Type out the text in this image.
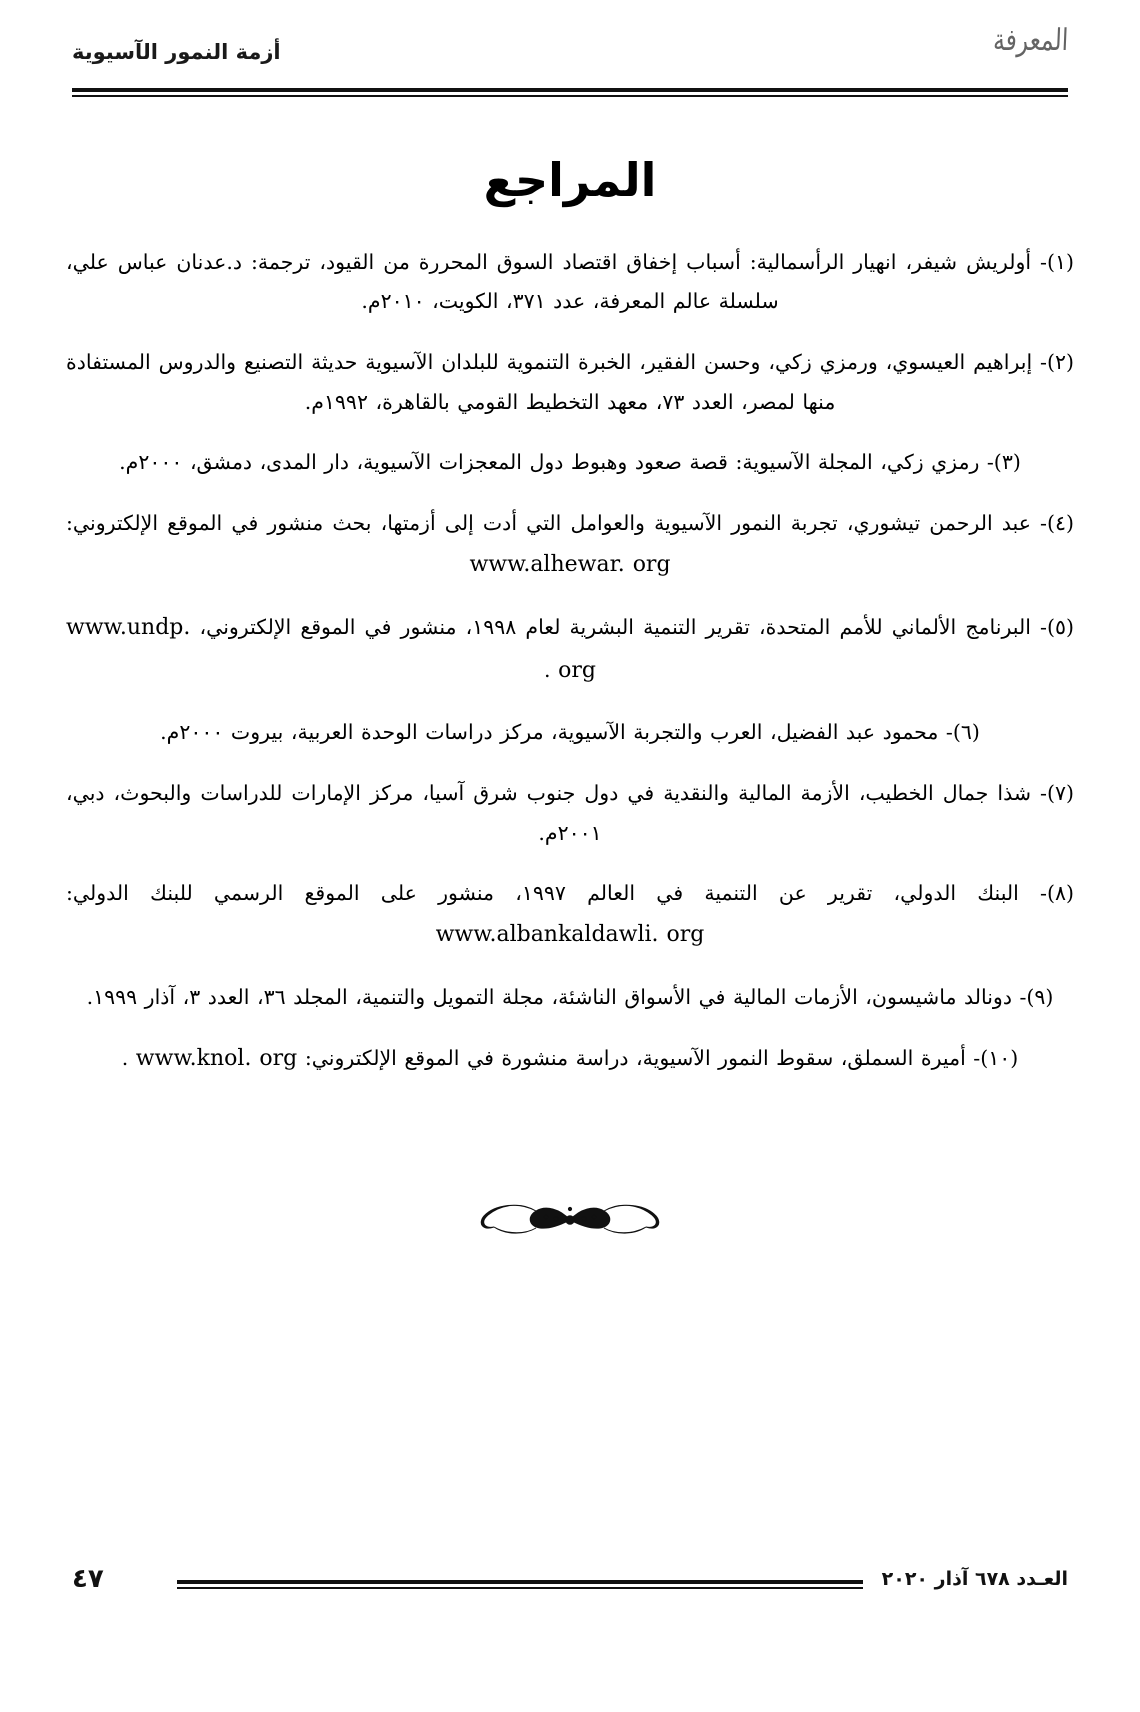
أزمة النمور الآسيوية	المعرفة
المراجع

(١)- أولريش شيفر، انهيار الرأسمالية: أسباب إخفاق اقتصاد السوق المحررة من القيود، ترجمة: د.عدنان عباس علي، سلسلة عالم المعرفة، عدد ٣٧١، الكويت، ٢٠١٠م.

(٢)- إبراهيم العيسوي، ورمزي زكي، وحسن الفقير، الخبرة التنموية للبلدان الآسيوية حديثة التصنيع والدروس المستفادة منها لمصر، العدد ٧٣، معهد التخطيط القومي بالقاهرة، ١٩٩٢م.

(٣)- رمزي زكي، المجلة الآسيوية: قصة صعود وهبوط دول المعجزات الآسيوية، دار المدى، دمشق، ٢٠٠٠م.

(٤)- عبد الرحمن تيشوري، تجربة النمور الآسيوية والعوامل التي أدت إلى أزمتها، بحث منشور في الموقع الإلكتروني: www.alhewar. org

(٥)- البرنامج الألماني للأمم المتحدة، تقرير التنمية البشرية لعام ١٩٩٨، منشور في الموقع الإلكتروني، www.undp. org .

(٦)- محمود عبد الفضيل، العرب والتجربة الآسيوية، مركز دراسات الوحدة العربية، بيروت ٢٠٠٠م.

(٧)- شذا جمال الخطيب، الأزمة المالية والنقدية في دول جنوب شرق آسيا، مركز الإمارات للدراسات والبحوث، دبي، ٢٠٠١م.

(٨)- البنك الدولي، تقرير عن التنمية في العالم ١٩٩٧، منشور على الموقع الرسمي للبنك الدولي: www.albankaldawli. org

(٩)- دونالد ماشيسون، الأزمات المالية في الأسواق الناشئة، مجلة التمويل والتنمية، المجلد ٣٦، العدد ٣، آذار ١٩٩٩.

(١٠)- أميرة السملق، سقوط النمور الآسيوية، دراسة منشورة في الموقع الإلكتروني: www.knol. org .

العـدد ٦٧٨ آذار ٢٠٢٠
٤٧
